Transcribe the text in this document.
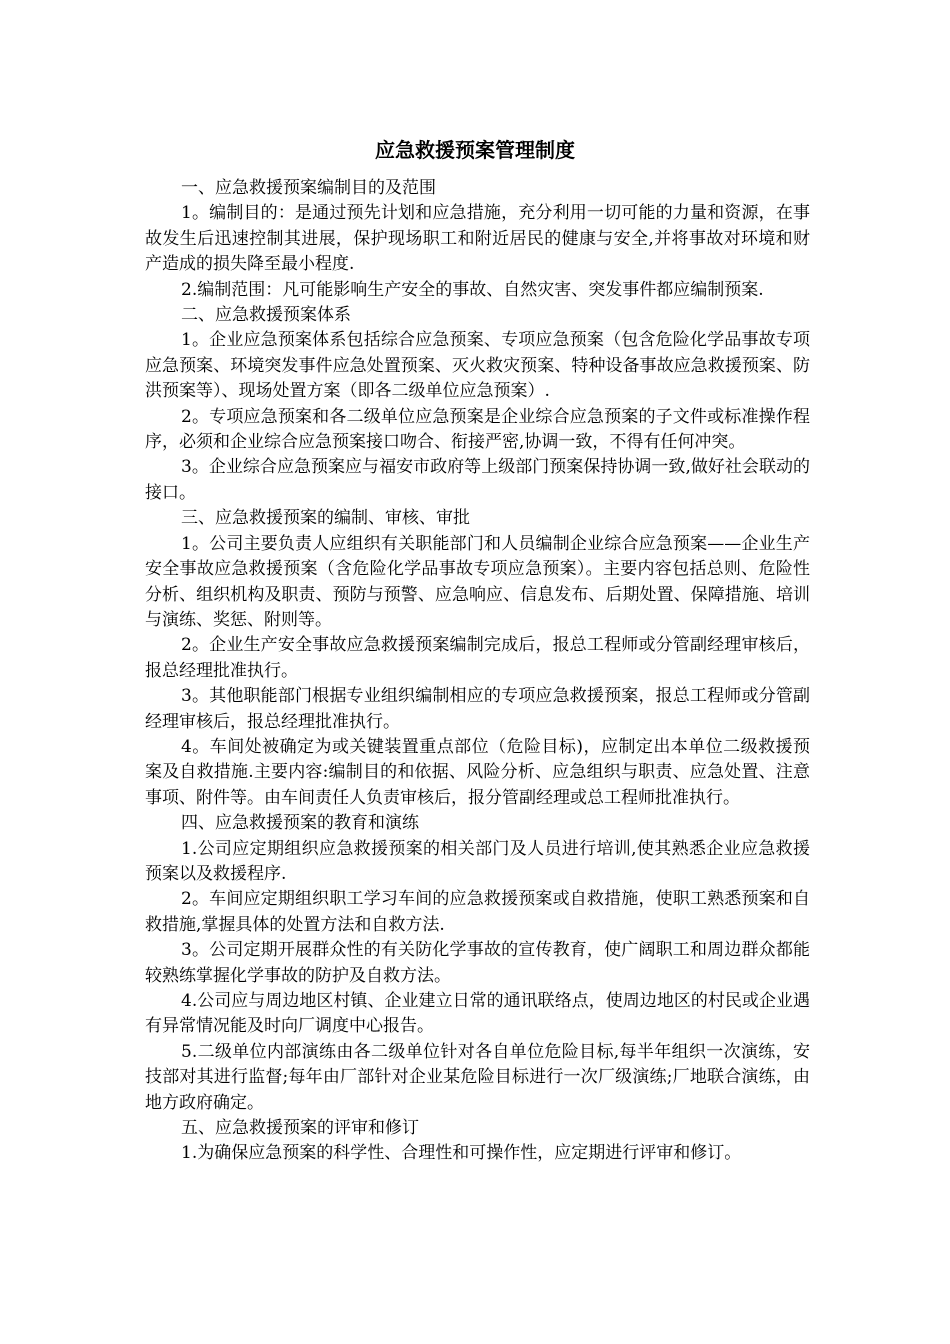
应急救援预案管理制度

一、应急救援预案编制目的及范围

1。编制目的：是通过预先计划和应急措施，充分利用一切可能的力量和资源，在事故发生后迅速控制其进展，保护现场职工和附近居民的健康与安全,并将事故对环境和财产造成的损失降至最小程度.

2.编制范围：凡可能影响生产安全的事故、自然灾害、突发事件都应编制预案.

二、应急救援预案体系

1。企业应急预案体系包括综合应急预案、专项应急预案（包含危险化学品事故专项应急预案、环境突发事件应急处置预案、灭火救灾预案、特种设备事故应急救援预案、防洪预案等）、现场处置方案（即各二级单位应急预案）.

2。专项应急预案和各二级单位应急预案是企业综合应急预案的子文件或标准操作程序，必须和企业综合应急预案接口吻合、衔接严密,协调一致，不得有任何冲突。

3。企业综合应急预案应与福安市政府等上级部门预案保持协调一致,做好社会联动的接口。

三、应急救援预案的编制、审核、审批

1。公司主要负责人应组织有关职能部门和人员编制企业综合应急预案——企业生产安全事故应急救援预案（含危险化学品事故专项应急预案）。主要内容包括总则、危险性分析、组织机构及职责、预防与预警、应急响应、信息发布、后期处置、保障措施、培训与演练、奖惩、附则等。

2。企业生产安全事故应急救援预案编制完成后，报总工程师或分管副经理审核后，报总经理批准执行。

3。其他职能部门根据专业组织编制相应的专项应急救援预案，报总工程师或分管副经理审核后，报总经理批准执行。

4。车间处被确定为或关键装置重点部位（危险目标)，应制定出本单位二级救援预案及自救措施.主要内容:编制目的和依据、风险分析、应急组织与职责、应急处置、注意事项、附件等。由车间责任人负责审核后，报分管副经理或总工程师批准执行。

四、应急救援预案的教育和演练

1.公司应定期组织应急救援预案的相关部门及人员进行培训,使其熟悉企业应急救援预案以及救援程序.

2。车间应定期组织职工学习车间的应急救援预案或自救措施，使职工熟悉预案和自救措施,掌握具体的处置方法和自救方法.

3。公司定期开展群众性的有关防化学事故的宣传教育，使广阔职工和周边群众都能较熟练掌握化学事故的防护及自救方法。

4.公司应与周边地区村镇、企业建立日常的通讯联络点，使周边地区的村民或企业遇有异常情况能及时向厂调度中心报告。

5.二级单位内部演练由各二级单位针对各自单位危险目标,每半年组织一次演练，安技部对其进行监督;每年由厂部针对企业某危险目标进行一次厂级演练;厂地联合演练，由地方政府确定。

五、应急救援预案的评审和修订

1.为确保应急预案的科学性、合理性和可操作性，应定期进行评审和修订。
